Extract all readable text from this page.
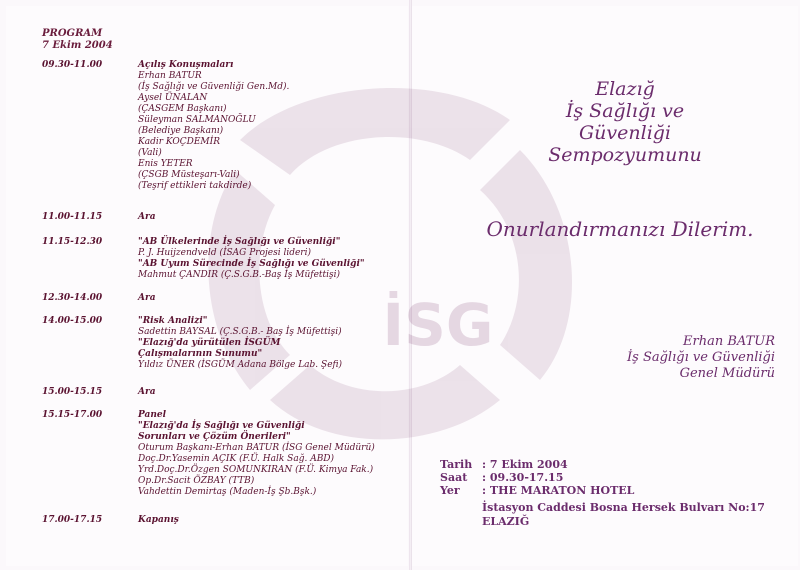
İSG
PROGRAM
7 Ekim 2004
09.30-11.00	Açılış Konuşmaları
Erhan BATUR
(İş Sağlığı ve Güvenliği Gen.Md).
Aysel ÜNALAN
(ÇASGEM Başkanı)
Süleyman SALMANOĞLU
(Belediye Başkanı)
Kadir KOÇDEMİR
(Vali)
Enis YETER
(ÇSGB Müsteşarı-Vali)
(Teşrif ettikleri takdirde)
11.00-11.15	Ara
11.15-12.30	"AB Ülkelerinde İş Sağlığı ve Güvenliği"
P. J. Huijzendveld (İSAG Projesi lideri)
"AB Uyum Sürecinde İş Sağlığı ve Güvenliği"
Mahmut ÇANDIR (Ç.S.G.B.-Baş İş Müfettişi)
12.30-14.00	Ara
14.00-15.00	"Risk Analizi"
Sadettin BAYSAL (Ç.S.G.B.- Baş İş Müfettişi)
"Elazığ'da yürütülen İSGÜM
Çalışmalarının Sunumu"
Yıldız ÜNER (İSGÜM Adana Bölge Lab. Şefi)
15.00-15.15	Ara
15.15-17.00	Panel
"Elazığ'da İş Sağlığı ve Güvenliği
Sorunları ve Çözüm Önerileri"
Oturum Başkanı-Erhan BATUR (İSG Genel Müdürü)
Doç.Dr.Yasemin AÇIK (F.Ü. Halk Sağ. ABD)
Yrd.Doç.Dr.Özgen SOMUNKIRAN (F.Ü. Kimya Fak.)
Op.Dr.Sacit ÖZBAY (TTB)
Vahdettin Demirtaş (Maden-İş Şb.Bşk.)
17.00-17.15	Kapanış
Elazığ
İş Sağlığı ve Güvenliği
Sempozyumunu
Onurlandırmanızı Dilerim.
Erhan BATUR
İş Sağlığı ve Güvenliği
Genel Müdürü
Tarih : 7 Ekim 2004
Saat : 09.30-17.15
Yer : THE MARATON HOTEL
İstasyon Caddesi Bosna Hersek Bulvarı No:17
ELAZIĞ
